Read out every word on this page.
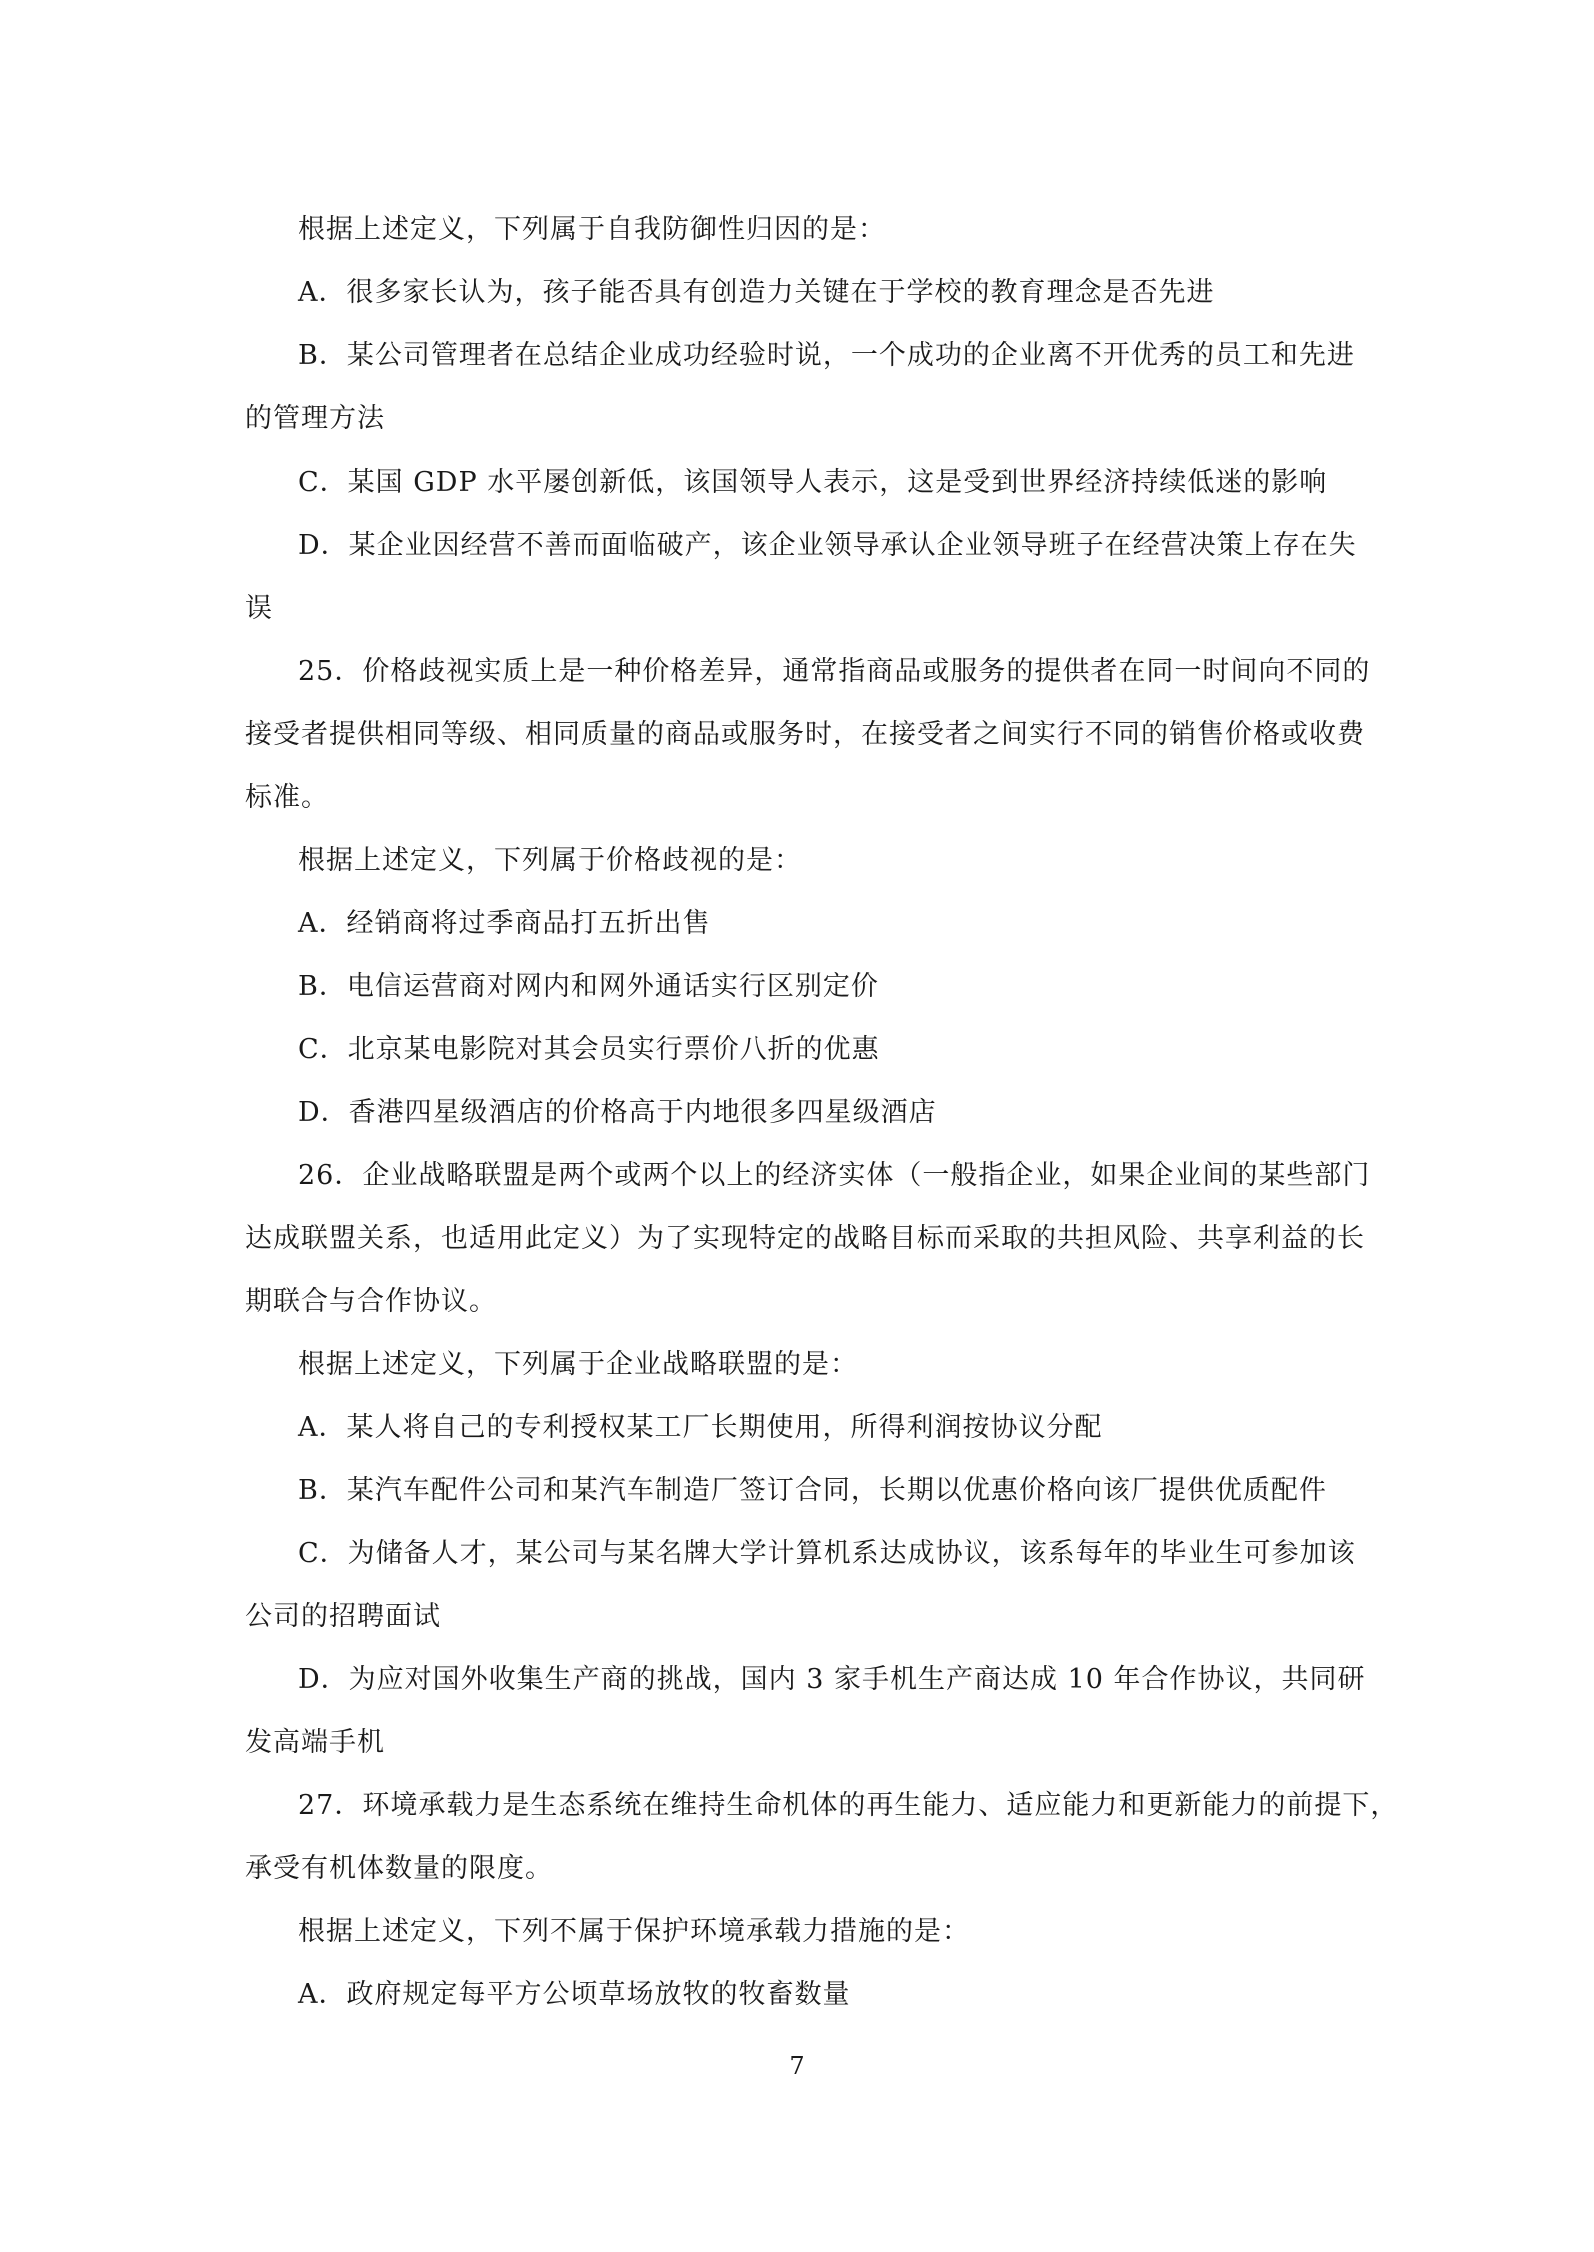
根据上述定义，下列属于自我防御性归因的是：
A．很多家长认为，孩子能否具有创造力关键在于学校的教育理念是否先进
B．某公司管理者在总结企业成功经验时说，一个成功的企业离不开优秀的员工和先进
的管理方法
C．某国 GDP 水平屡创新低，该国领导人表示，这是受到世界经济持续低迷的影响
D．某企业因经营不善而面临破产，该企业领导承认企业领导班子在经营决策上存在失
误
25．价格歧视实质上是一种价格差异，通常指商品或服务的提供者在同一时间向不同的
接受者提供相同等级、相同质量的商品或服务时，在接受者之间实行不同的销售价格或收费
标准。
根据上述定义，下列属于价格歧视的是：
A．经销商将过季商品打五折出售
B．电信运营商对网内和网外通话实行区别定价
C．北京某电影院对其会员实行票价八折的优惠
D．香港四星级酒店的价格高于内地很多四星级酒店
26．企业战略联盟是两个或两个以上的经济实体（一般指企业，如果企业间的某些部门
达成联盟关系，也适用此定义）为了实现特定的战略目标而采取的共担风险、共享利益的长
期联合与合作协议。
根据上述定义，下列属于企业战略联盟的是：
A．某人将自己的专利授权某工厂长期使用，所得利润按协议分配
B．某汽车配件公司和某汽车制造厂签订合同，长期以优惠价格向该厂提供优质配件
C．为储备人才，某公司与某名牌大学计算机系达成协议，该系每年的毕业生可参加该
公司的招聘面试
D．为应对国外收集生产商的挑战，国内 3 家手机生产商达成 10 年合作协议，共同研
发高端手机
27．环境承载力是生态系统在维持生命机体的再生能力、适应能力和更新能力的前提下，
承受有机体数量的限度。
根据上述定义，下列不属于保护环境承载力措施的是：
A．政府规定每平方公顷草场放牧的牧畜数量
7
